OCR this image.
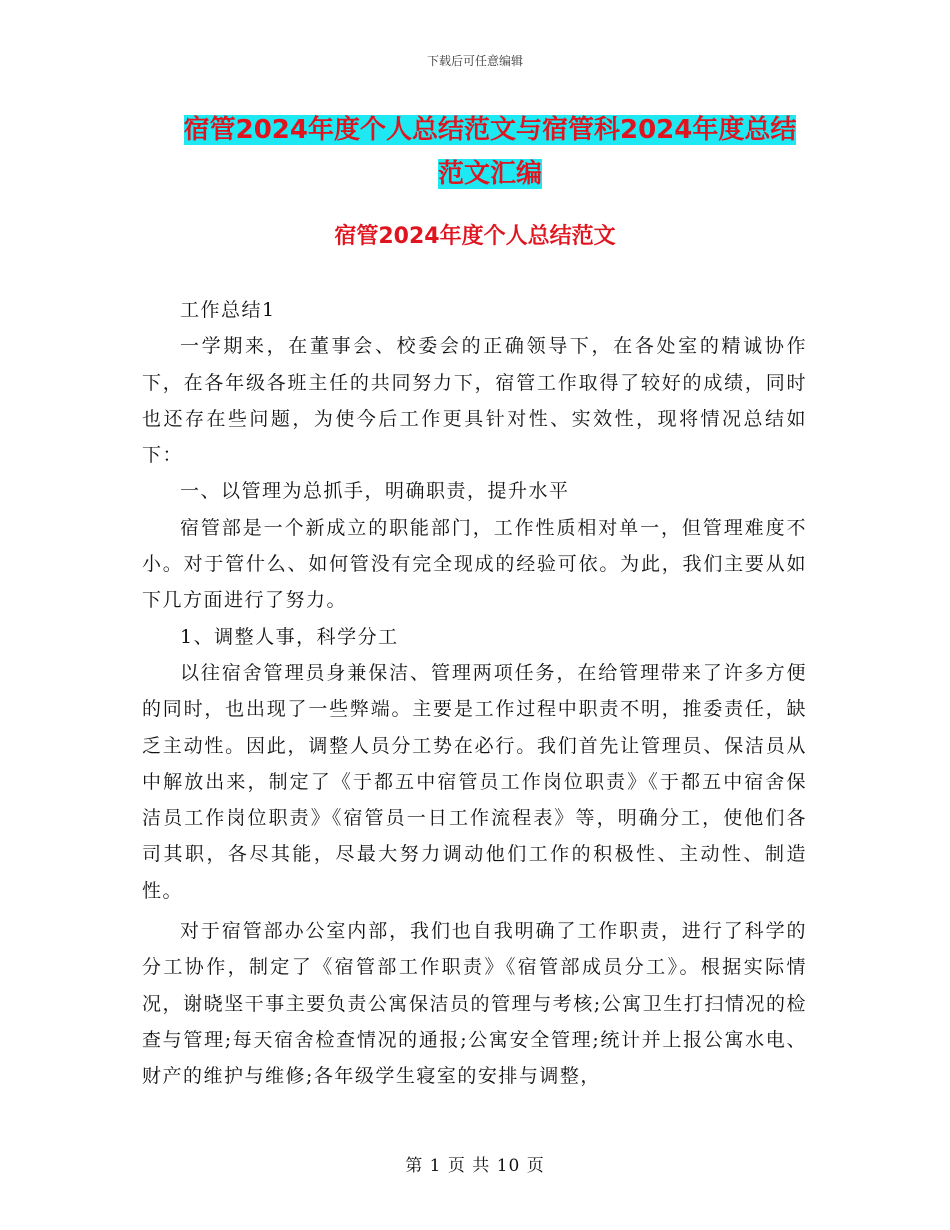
下载后可任意编辑
宿管2024年度个人总结范文与宿管科2024年度总结
范文汇编
宿管2024年度个人总结范文

工作总结1

一学期来，在董事会、校委会的正确领导下，在各处室的精诚协作下，在各年级各班主任的共同努力下，宿管工作取得了较好的成绩，同时也还存在些问题，为使今后工作更具针对性、实效性，现将情况总结如下：

一、以管理为总抓手，明确职责，提升水平

宿管部是一个新成立的职能部门，工作性质相对单一，但管理难度不小。对于管什么、如何管没有完全现成的经验可依。为此，我们主要从如下几方面进行了努力。

1、调整人事，科学分工

以往宿舍管理员身兼保洁、管理两项任务，在给管理带来了许多方便的同时，也出现了一些弊端。主要是工作过程中职责不明，推委责任，缺乏主动性。因此，调整人员分工势在必行。我们首先让管理员、保洁员从中解放出来，制定了《于都五中宿管员工作岗位职责》《于都五中宿舍保洁员工作岗位职责》《宿管员一日工作流程表》等，明确分工，使他们各司其职，各尽其能，尽最大努力调动他们工作的积极性、主动性、制造性。

对于宿管部办公室内部，我们也自我明确了工作职责，进行了科学的分工协作，制定了《宿管部工作职责》《宿管部成员分工》。根据实际情况，谢晓坚干事主要负责公寓保洁员的管理与考核;公寓卫生打扫情况的检查与管理;每天宿舍检查情况的通报;公寓安全管理;统计并上报公寓水电、财产的维护与维修;各年级学生寝室的安排与调整，

第 1 页 共 10 页
